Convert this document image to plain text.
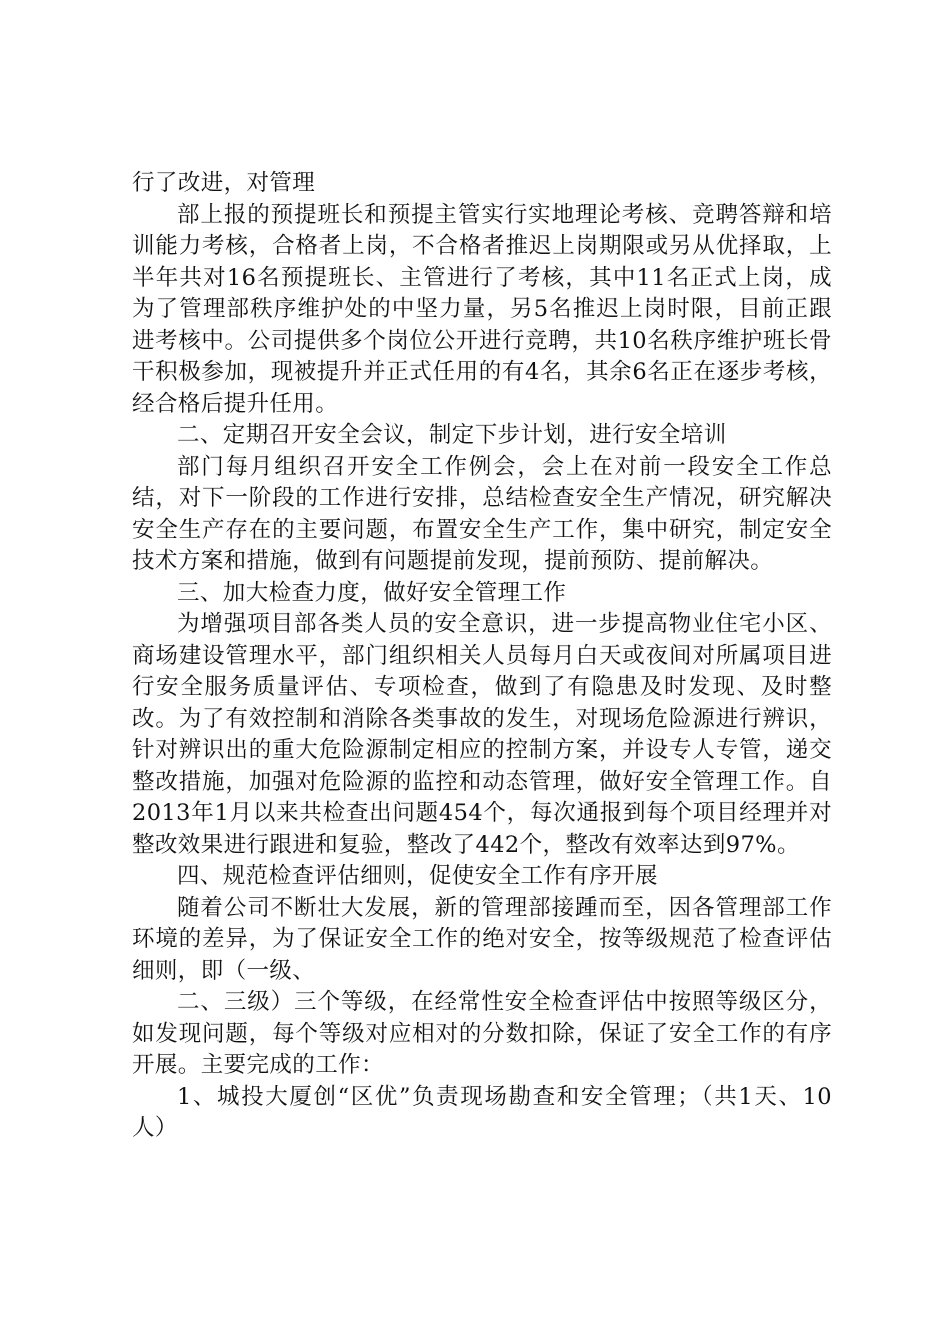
行了改进，对管理

部上报的预提班长和预提主管实行实地理论考核、竞聘答辩和培训能力考核，合格者上岗，不合格者推迟上岗期限或另从优择取，上半年共对16名预提班长、主管进行了考核，其中11名正式上岗，成为了管理部秩序维护处的中坚力量，另5名推迟上岗时限，目前正跟进考核中。公司提供多个岗位公开进行竞聘，共10名秩序维护班长骨干积极参加，现被提升并正式任用的有4名，其余6名正在逐步考核，经合格后提升任用。

二、定期召开安全会议，制定下步计划，进行安全培训

部门每月组织召开安全工作例会，会上在对前一段安全工作总结，对下一阶段的工作进行安排，总结检查安全生产情况，研究解决安全生产存在的主要问题，布置安全生产工作，集中研究，制定安全技术方案和措施，做到有问题提前发现，提前预防、提前解决。

三、加大检查力度，做好安全管理工作

为增强项目部各类人员的安全意识，进一步提高物业住宅小区、商场建设管理水平，部门组织相关人员每月白天或夜间对所属项目进行安全服务质量评估、专项检查，做到了有隐患及时发现、及时整改。为了有效控制和消除各类事故的发生，对现场危险源进行辨识，针对辨识出的重大危险源制定相应的控制方案，并设专人专管，递交整改措施，加强对危险源的监控和动态管理，做好安全管理工作。自2013年1月以来共检查出问题454个，每次通报到每个项目经理并对整改效果进行跟进和复验，整改了442个，整改有效率达到97%。

四、规范检查评估细则，促使安全工作有序开展

随着公司不断壮大发展，新的管理部接踵而至，因各管理部工作环境的差异，为了保证安全工作的绝对安全，按等级规范了检查评估细则，即（一级、

二、三级）三个等级，在经常性安全检查评估中按照等级区分，如发现问题，每个等级对应相对的分数扣除，保证了安全工作的有序开展。主要完成的工作：

1、城投大厦创“区优”负责现场勘查和安全管理；（共1天、10人）
